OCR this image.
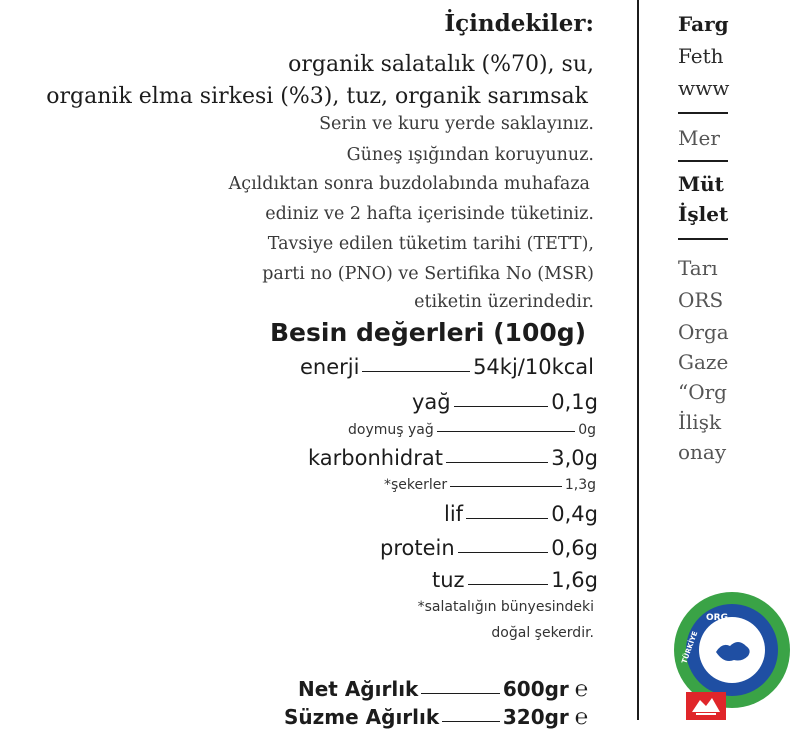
İçindekiler:

organik salatalık (%70), su,

organik elma sirkesi (%3), tuz, organik sarımsak

Serin ve kuru yerde saklayınız.

Güneş ışığından koruyunuz.

Açıldıktan sonra buzdolabında muhafaza

ediniz ve 2 hafta içerisinde tüketiniz.

Tavsiye edilen tüketim tarihi (TETT),

parti no (PNO) ve Sertifika No (MSR)

etiketin üzerindedir.

Besin değerleri (100g)
enerji	54kj/10kcal
yağ	0,1g
doymuş yağ	0g
karbonhidrat	3,0g
*şekerler	1,3g
lif	0,4g
protein	0,6g
tuz	1,6g

*salatalığın bünyesindeki

doğal şekerdir.

Net Ağırlık	600gr ℮
Süzme Ağırlık	320gr ℮

Farg

Feth

www

Mer

Müt

İşlet

Tarı

ORS

Orga

Gaze

“Org

İlişk

onay

ORG
TÜRKİYE
